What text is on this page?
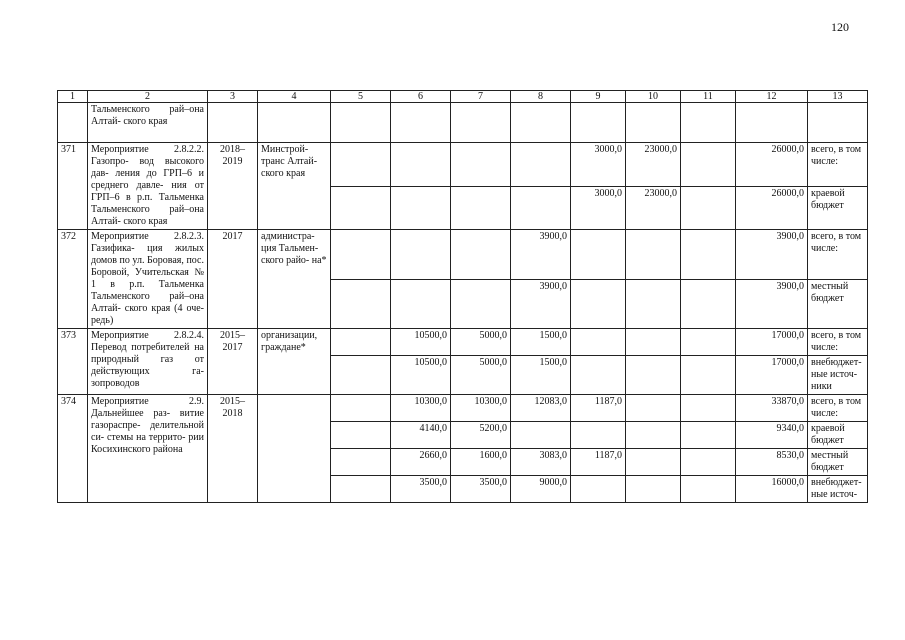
120
1	2	3	4	5	6	7	8	9	10	11	12	13
	Тальменского рай–она Алтай- ского края											
371	Мероприятие 2.8.2.2. Газопро- вод высокого дав- ления до ГРП–6 и среднего давле- ния от ГРП–6 в р.п. Тальменка Тальменского рай–она Алтай- ского края	2018– 2019	Минстрой- транс Алтай- ского края					3000,0	23000,0		26000,0	всего, в том числе:
								3000,0	23000,0		26000,0	краевой бюджет
372	Мероприятие 2.8.2.3. Газифика- ция жилых домов по ул. Боровая, пос. Боровой, Учительская № 1 в р.п. Тальменка Тальменского рай–она Алтай- ского края (4 оче- редь)	2017	администра- ция Тальмен- ского райо- на*				3900,0				3900,0	всего, в том числе:
							3900,0				3900,0	местный бюджет
373	Мероприятие 2.8.2.4. Перевод потребителей на природный газ от действующих га- зопроводов	2015– 2017	организации, граждане*		10500,0	5000,0	1500,0				17000,0	всего, в том числе:
					10500,0	5000,0	1500,0				17000,0	внебюджет- ные источ- ники
374	Мероприятие 2.9. Дальнейшее раз- витие газораспре- делительной си- стемы на террито- рии Косихинского района	2015– 2018			10300,0	10300,0	12083,0	1187,0			33870,0	всего, в том числе:
					4140,0	5200,0					9340,0	краевой бюджет
					2660,0	1600,0	3083,0	1187,0			8530,0	местный бюджет
					3500,0	3500,0	9000,0				16000,0	внебюджет- ные источ-
